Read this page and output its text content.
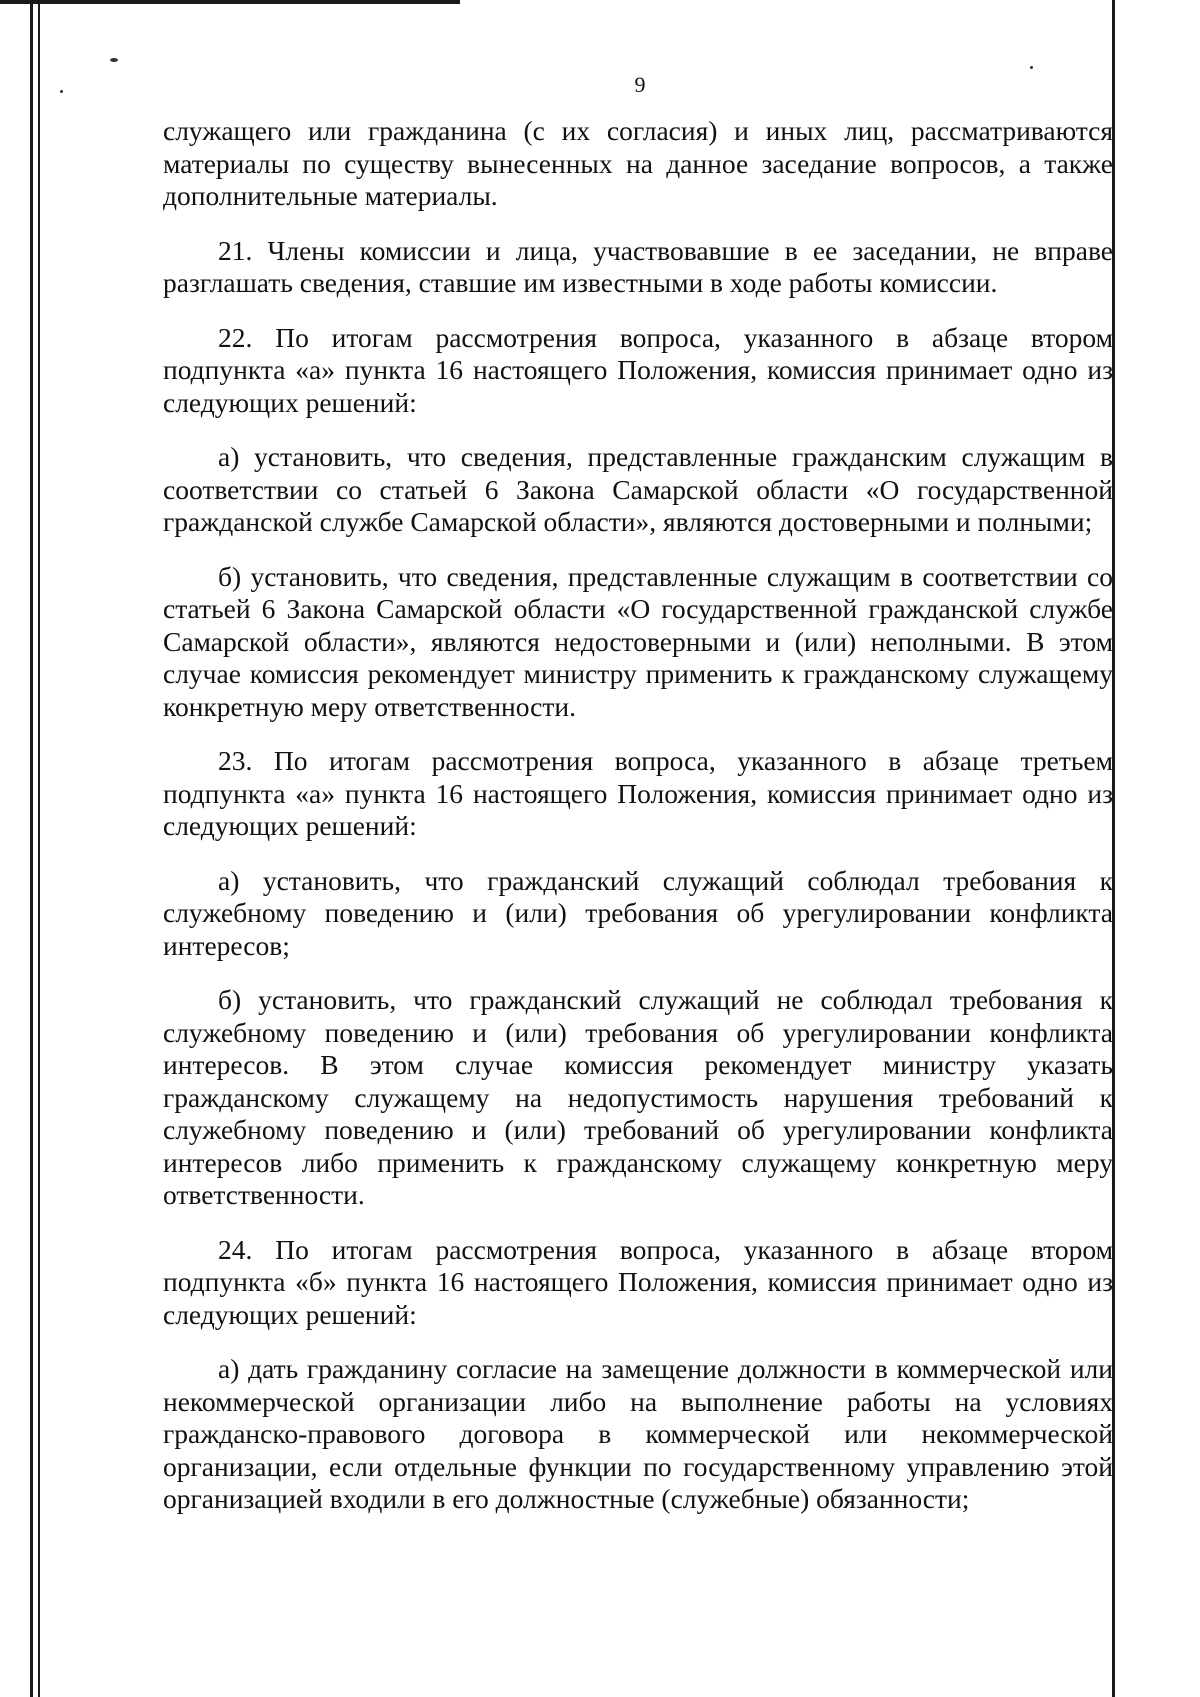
9

служащего или гражданина (с их согласия) и иных лиц, рассматриваются материалы по существу вынесенных на данное заседание вопросов, а также дополнительные материалы.

21. Члены комиссии и лица, участвовавшие в ее заседании, не вправе разглашать сведения, ставшие им известными в ходе работы комиссии.

22. По итогам рассмотрения вопроса, указанного в абзаце втором подпункта «а» пункта 16 настоящего Положения, комиссия принимает одно из следующих решений:

а) установить, что сведения, представленные гражданским служащим в соответствии со статьей 6 Закона Самарской области «О государственной гражданской службе Самарской области», являются достоверными и полными;

б) установить, что сведения, представленные служащим в соответствии со статьей 6 Закона Самарской области «О государственной гражданской службе Самарской области», являются недостоверными и (или) неполными. В этом случае комиссия рекомендует министру применить к гражданскому служащему конкретную меру ответственности.

23. По итогам рассмотрения вопроса, указанного в абзаце третьем подпункта «а» пункта 16 настоящего Положения, комиссия принимает одно из следующих решений:

а) установить, что гражданский служащий соблюдал требования к служебному поведению и (или) требования об урегулировании конфликта интересов;

б) установить, что гражданский служащий не соблюдал требования к служебному поведению и (или) требования об урегулировании конфликта интересов. В этом случае комиссия рекомендует министру указать гражданскому служащему на недопустимость нарушения требований к служебному поведению и (или) требований об урегулировании конфликта интересов либо применить к гражданскому служащему конкретную меру ответственности.

24. По итогам рассмотрения вопроса, указанного в абзаце втором подпункта «б» пункта 16 настоящего Положения, комиссия принимает одно из следующих решений:

а) дать гражданину согласие на замещение должности в коммерческой или некоммерческой организации либо на выполнение работы на условиях гражданско-правового договора в коммерческой или некоммерческой организации, если отдельные функции по государственному управлению этой организацией входили в его должностные (служебные) обязанности;
